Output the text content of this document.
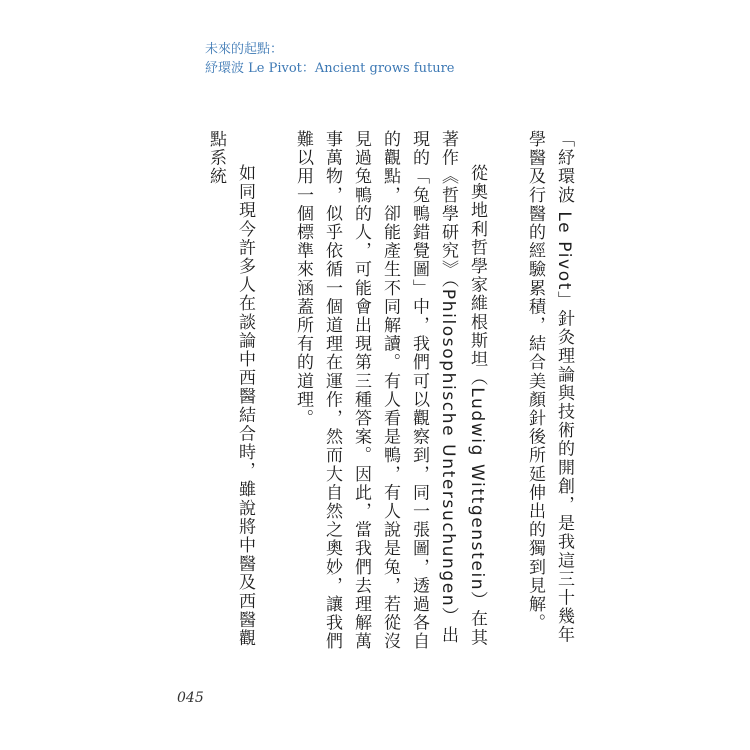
未來的起點：
紓環波 Le Pivot：Ancient grows future

「紓環波 Le Pivot」針灸理論與技術的開創，是我這三十幾年學醫及行醫的經驗累積，結合美顏針後所延伸出的獨到見解。

從奧地利哲學家維根斯坦（Ludwig Wittgenstein）在其著作《哲學研究》（Philosophische Untersuchungen）出現的「兔鴨錯覺圖」中，我們可以觀察到，同一張圖，透過各自的觀點，卻能產生不同解讀。有人看是鴨，有人說是兔，若從沒見過兔鴨的人，可能會出現第三種答案。因此，當我們去理解萬事萬物，似乎依循一個道理在運作，然而大自然之奧妙，讓我們難以用一個標準來涵蓋所有的道理。

如同現今許多人在談論中西醫結合時，雖說將中醫及西醫觀點系統

045
